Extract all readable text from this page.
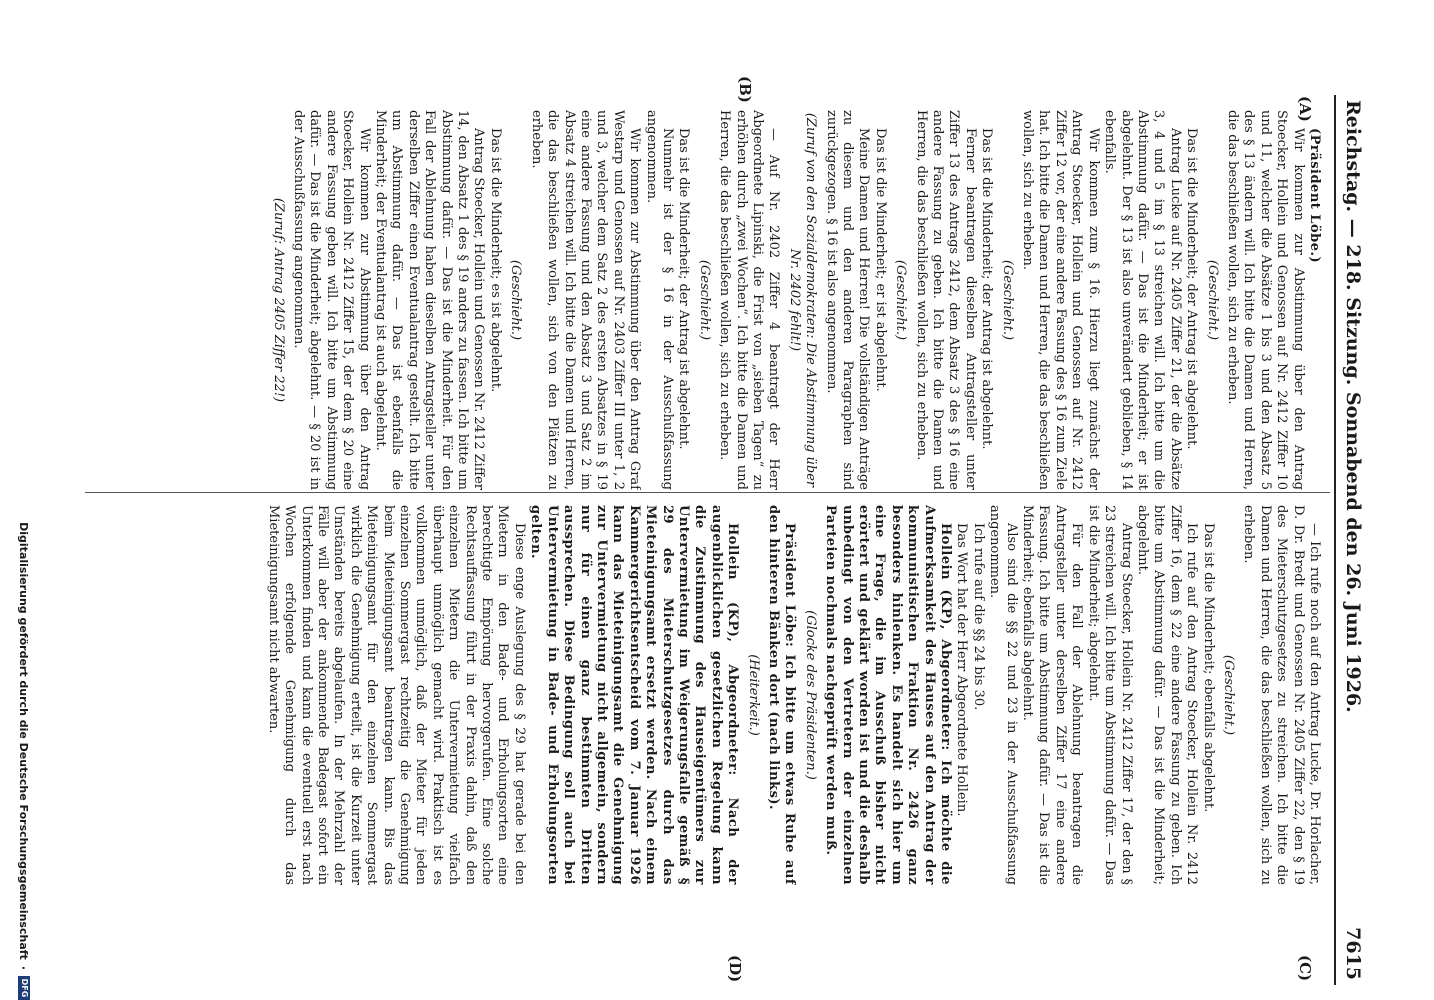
Reichstag. — 218. Sitzung. Sonnabend den 26. Juni 1926.
7615
(A)
(B)
(C)
(D)

(Präsident Löbe.)

Wir kommen zur Abstimmung über den Antrag Stoecker, Hollein und Genossen auf Nr. 2412 Ziffer 10 und 11, welcher die Absätze 1 bis 3 und den Absatz 5 des § 13 ändern will. Ich bitte die Damen und Herren, die das beschließen wollen, sich zu erheben.

(Geschieht.)

Das ist die Minderheit; der Antrag ist abgelehnt.

Antrag Lucke auf Nr. 2405 Ziffer 21, der die Absätze 3, 4 und 5 im § 13 streichen will. Ich bitte um die Abstimmung dafür. — Das ist die Minderheit; er ist abgelehnt. Der § 13 ist also unverändert geblieben, § 14 ebenfalls.

Wir kommen zum § 16. Hierzu liegt zunächst der Antrag Stoecker, Hollein und Genossen auf Nr. 2412 Ziffer 12 vor, der eine andere Fassung des § 16 zum Ziele hat. Ich bitte die Damen und Herren, die das beschließen wollen, sich zu erheben.

(Geschieht.)

Das ist die Minderheit; der Antrag ist abgelehnt.

Ferner beantragen dieselben Antragsteller unter Ziffer 13 des Antrags 2412, dem Absatz 3 des § 16 eine andere Fassung zu geben. Ich bitte die Damen und Herren, die das beschließen wollen, sich zu erheben.

(Geschieht.)

Das ist die Minderheit; er ist abgelehnt.

Meine Damen und Herren! Die vollständigen Anträge zu diesem und den anderen Paragraphen sind zurückgezogen. § 16 ist also angenommen.

(Zuruf von den Sozialdemokraten: Die Abstimmung über Nr. 2402 fehlt!)

— Auf Nr. 2402 Ziffer 4 beantragt der Herr Abgeordnete Lipinski, die Frist von „sieben Tagen“ zu erhöhen durch „zwei Wochen“. Ich bitte die Damen und Herren, die das beschließen wollen, sich zu erheben.

(Geschieht.)

Das ist die Minderheit; der Antrag ist abgelehnt.

Nunmehr ist der § 16 in der Ausschußfassung angenommen.

Wir kommen zur Abstimmung über den Antrag Graf Westarp und Genossen auf Nr. 2403 Ziffer III unter 1, 2 und 3, welcher dem Satz 2 des ersten Absatzes in § 19 eine andere Fassung und den Absatz 3 und Satz 2 im Absatz 4 streichen will. Ich bitte die Damen und Herren, die das beschließen wollen, sich von den Plätzen zu erheben.

(Geschieht.)

Das ist die Minderheit; es ist abgelehnt.

Antrag Stoecker, Hollein und Genossen Nr. 2412 Ziffer 14, den Absatz 1 des § 19 anders zu fassen. Ich bitte um Abstimmung dafür. — Das ist die Minderheit. Für den Fall der Ablehnung haben dieselben Antragsteller unter derselben Ziffer einen Eventualantrag gestellt. Ich bitte um Abstimmung dafür. — Das ist ebenfalls die Minderheit; der Eventualantrag ist auch abgelehnt.

Wir kommen zur Abstimmung über den Antrag Stoecker, Hollein Nr. 2412 Ziffer 15, der dem § 20 eine andere Fassung geben will. Ich bitte um Abstimmung dafür. — Das ist die Minderheit; abgelehnt. — § 20 ist in der Ausschußfassung angenommen.

(Zuruf: Antrag 2405 Ziffer 22!)

— Ich rufe noch auf den Antrag Lucke, Dr. Horlacher, D. Dr. Bredt und Genossen Nr. 2405 Ziffer 22, den § 19 des Mieterschutzgesetzes zu streichen. Ich bitte die Damen und Herren, die das beschließen wollen, sich zu erheben.

(Geschieht.)

Das ist die Minderheit; ebenfalls abgelehnt.

Ich rufe auf den Antrag Stoecker, Hollein Nr. 2412 Ziffer 16, dem § 22 eine andere Fassung zu geben. Ich bitte um Abstimmung dafür. — Das ist die Minderheit; abgelehnt.

Antrag Stoecker, Hollein Nr. 2412 Ziffer 17, der den § 23 streichen will. Ich bitte um Abstimmung dafür. — Das ist die Minderheit; abgelehnt.

Für den Fall der Ablehnung beantragen die Antragsteller unter derselben Ziffer 17 eine andere Fassung. Ich bitte um Abstimmung dafür. — Das ist die Minderheit; ebenfalls abgelehnt.

Also sind die §§ 22 und 23 in der Ausschußfassung angenommen.

Ich rufe auf die §§ 24 bis 30.

Das Wort hat der Herr Abgeordnete Hollein.

Hollein (KP), Abgeordneter: Ich möchte die Aufmerksamkeit des Hauses auf den Antrag der kommunistischen Fraktion Nr. 2426 ganz besonders hinlenken. Es handelt sich hier um eine Frage, die im Ausschuß bisher nicht erörtert und geklärt worden ist und die deshalb unbedingt von den Vertretern der einzelnen Parteien nochmals nachgeprüft werden muß.

(Glocke des Präsidenten.)

Präsident Löbe: Ich bitte um etwas Ruhe auf den hinteren Bänken dort (nach links).

(Heiterkeit.)

Hollein (KP), Abgeordneter: Nach der augenblicklichen gesetzlichen Regelung kann die Zustimmung des Hauseigentümers zur Untervermietung im Weigerungsfalle gemäß § 29 des Mieterschutzgesetzes durch das Mieteinigungsamt ersetzt werden. Nach einem Kammergerichtsentscheid vom 7. Januar 1926 kann das Mieteinigungsamt die Genehmigung zur Untervermietung nicht allgemein, sondern nur für einen ganz bestimmten Dritten aussprechen. Diese Bedingung soll auch bei Untervermietung in Bade- und Erholungsorten gelten.

Diese enge Auslegung des § 29 hat gerade bei den Mietern in den Bade- und Erholungsorten eine berechtigte Empörung hervorgerufen. Eine solche Rechtsauffassung führt in der Praxis dahin, daß den einzelnen Mietern die Untervermietung vielfach überhaupt unmöglich gemacht wird. Praktisch ist es vollkommen unmöglich, daß der Mieter für jeden einzelnen Sommergast rechtzeitig die Genehmigung beim Mieteinigungsamt beantragen kann. Bis das Mieteinigungsamt für den einzelnen Sommergast wirklich die Genehmigung erteilt, ist die Kurzeit unter Umständen bereits abgelaufen. In der Mehrzahl der Fälle will aber der ankommende Badegast sofort ein Unterkommen finden und kann die eventuell erst nach Wochen erfolgende Genehmigung durch das Mieteinigungsamt nicht abwarten.

Digitalisierung gefördert durch die Deutsche Forschungsgemeinschaft
·
DFG
